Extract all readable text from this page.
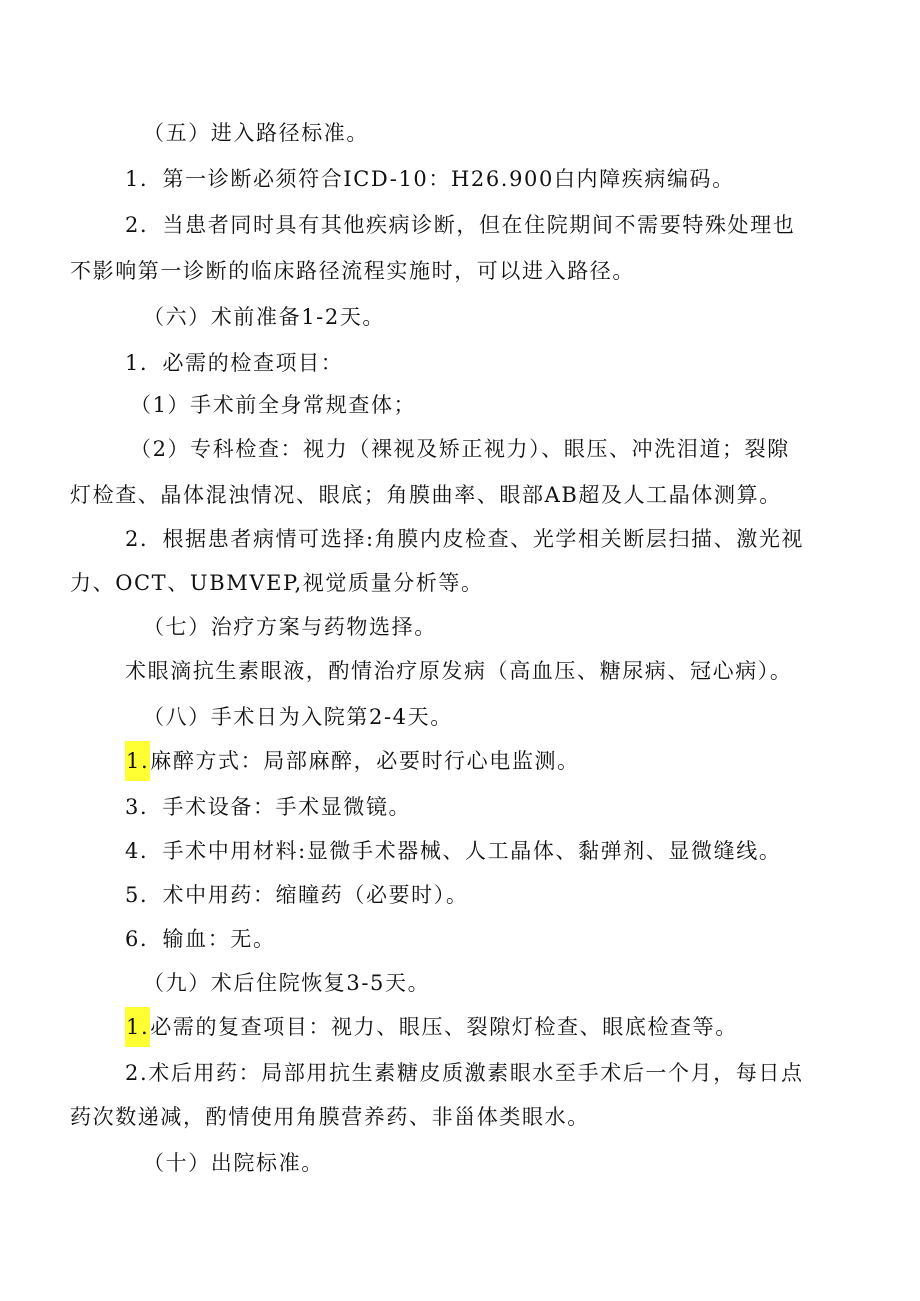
（五）进入路径标准。
1．第一诊断必须符合ICD-10：H26.900白内障疾病编码。
2．当患者同时具有其他疾病诊断，但在住院期间不需要特殊处理也
不影响第一诊断的临床路径流程实施时，可以进入路径。
（六）术前准备1-2天。
1．必需的检查项目：
（1）手术前全身常规查体；
（2）专科检查：视力（裸视及矫正视力）、眼压、冲洗泪道；裂隙
灯检查、晶体混浊情况、眼底；角膜曲率、眼部AB超及人工晶体测算。
2．根据患者病情可选择:角膜内皮检查、光学相关断层扫描、激光视
力、OCT、UBMVEP,视觉质量分析等。
（七）治疗方案与药物选择。
术眼滴抗生素眼液，酌情治疗原发病（高血压、糖尿病、冠心病）。
（八）手术日为入院第2-4天。
1.麻醉方式：局部麻醉，必要时行心电监测。
3．手术设备：手术显微镜。
4．手术中用材料:显微手术器械、人工晶体、黏弹剂、显微缝线。
5．术中用药：缩瞳药（必要时）。
6．输血：无。
（九）术后住院恢复3-5天。
1.必需的复查项目：视力、眼压、裂隙灯检查、眼底检查等。
2.术后用药：局部用抗生素糖皮质激素眼水至手术后一个月，每日点
药次数递减，酌情使用角膜营养药、非甾体类眼水。
（十）出院标准。
